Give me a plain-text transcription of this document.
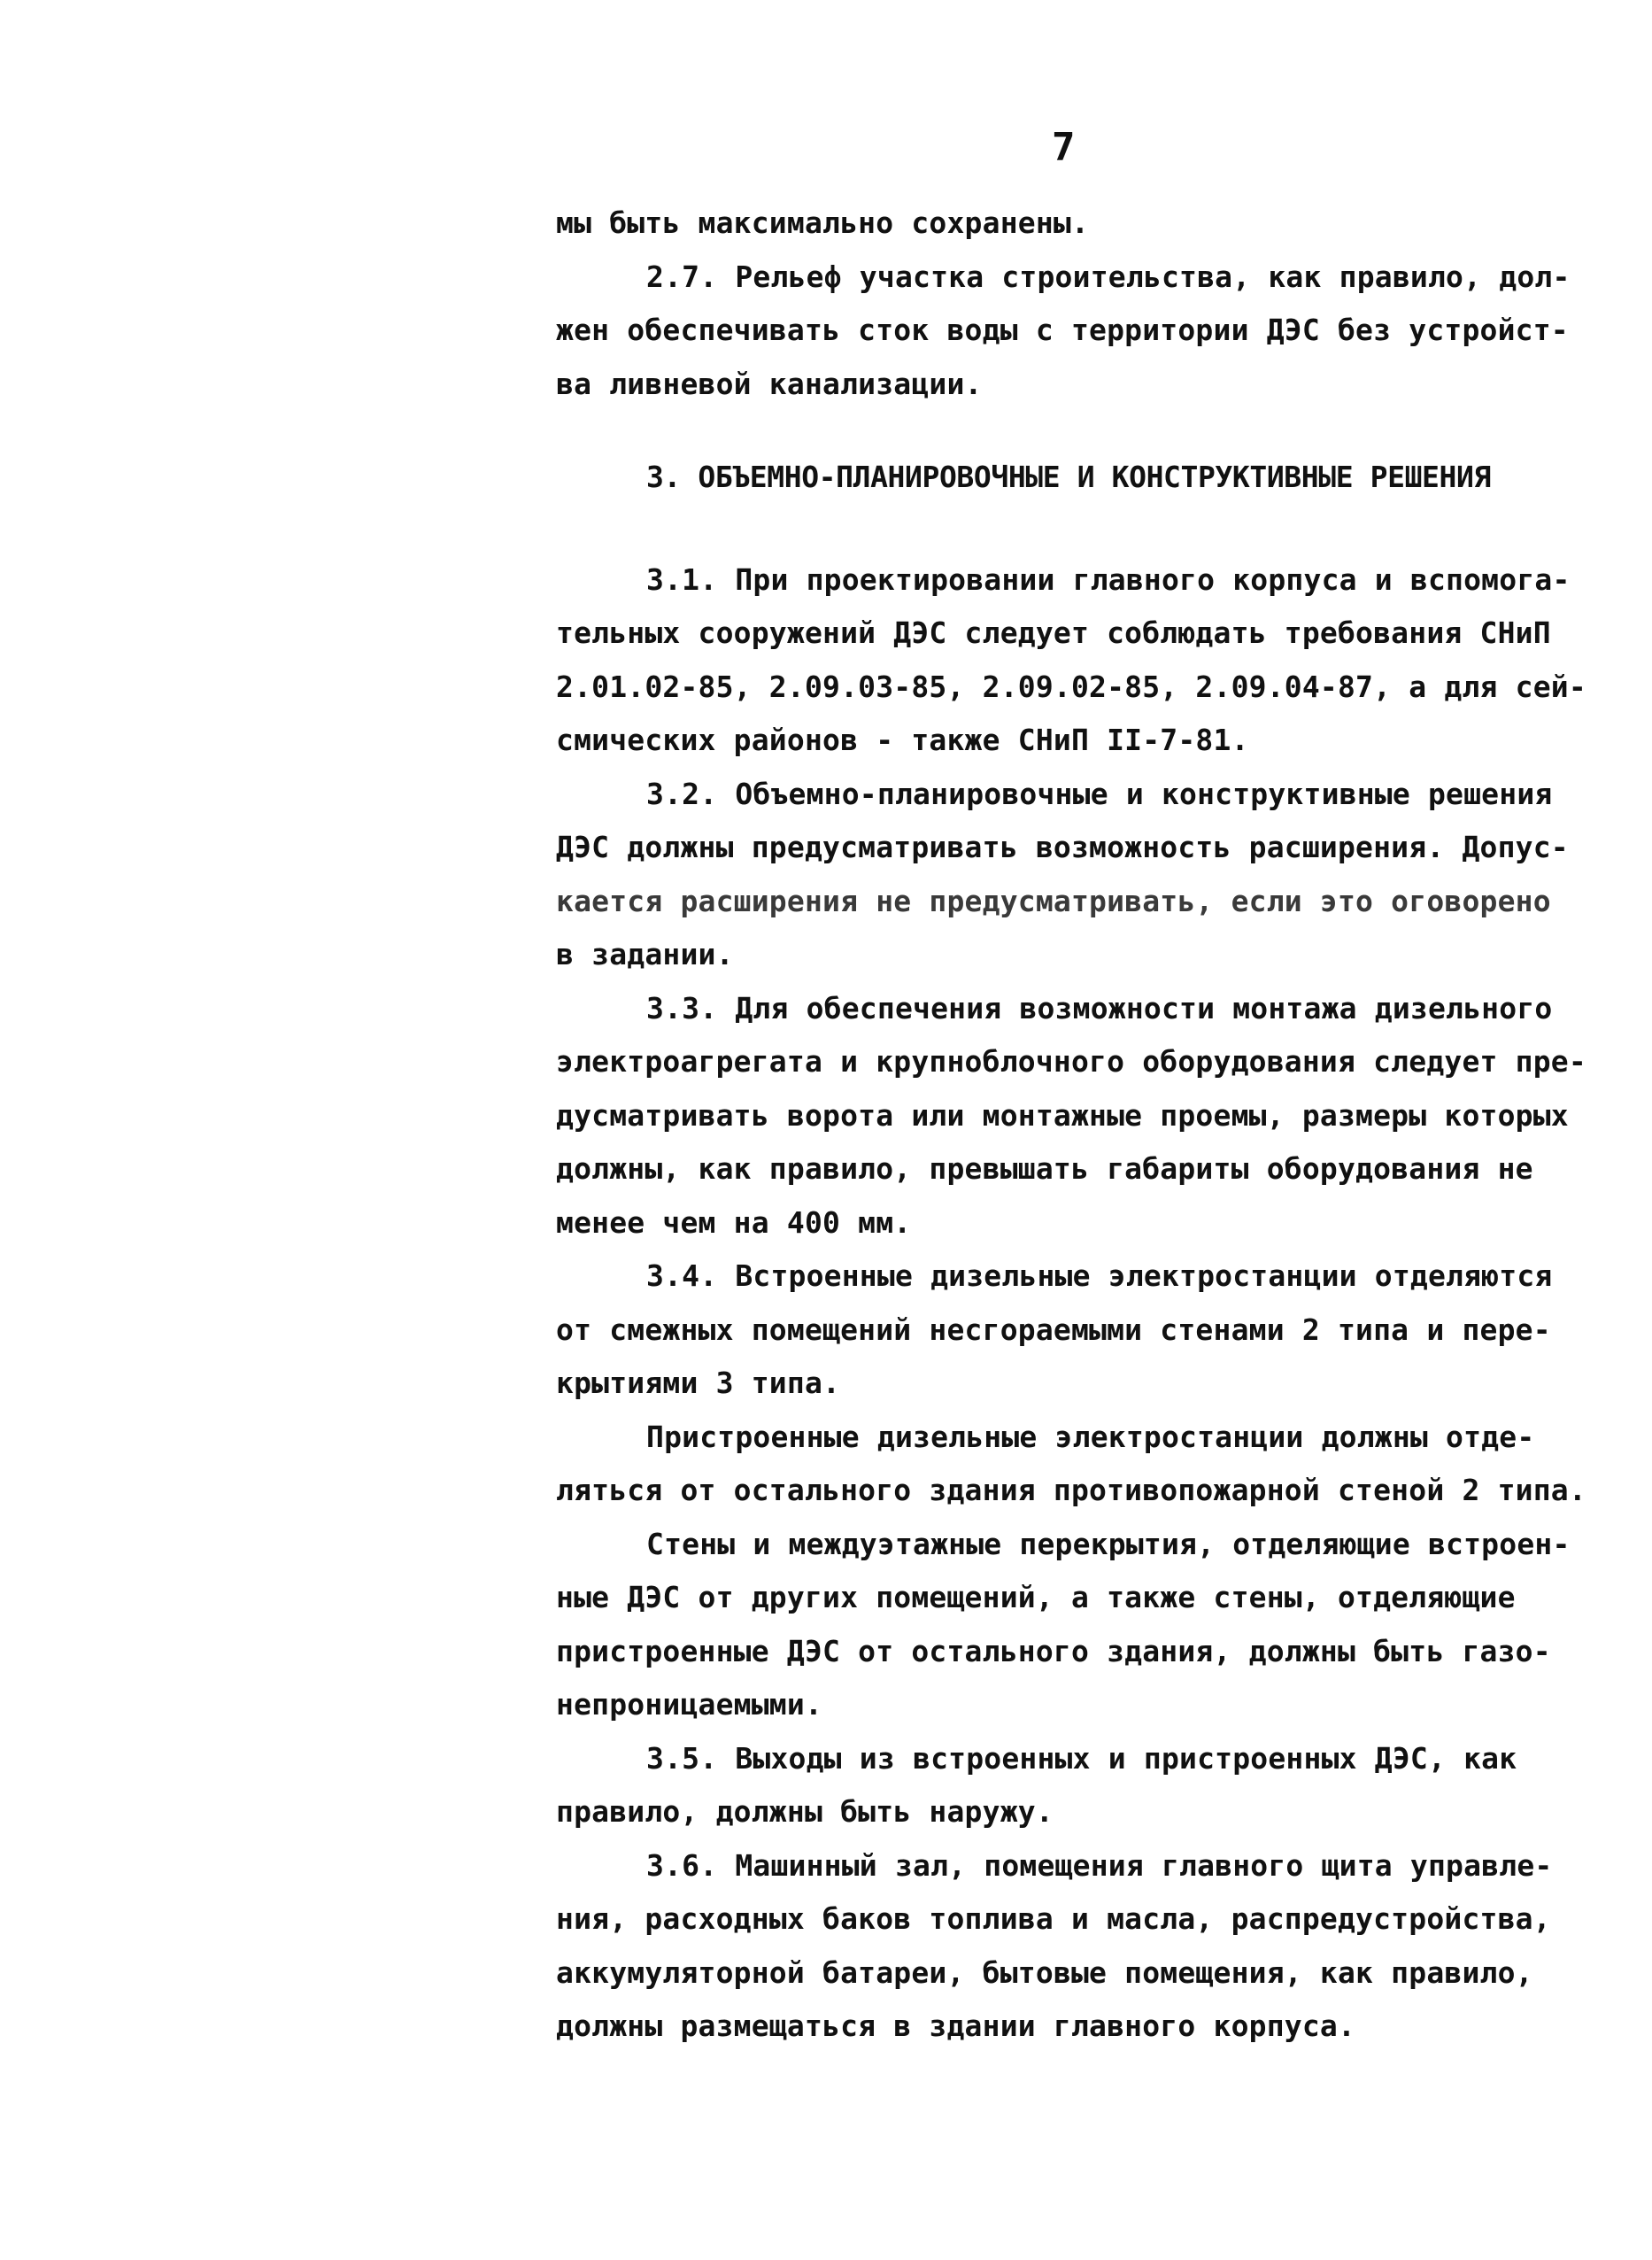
7
мы быть максимально сохранены.
2.7. Рельеф участка строительства, как правило, дол-
жен обеспечивать сток воды с территории ДЭС без устройст-
ва ливневой канализации.
3. ОБЪЕМНО-ПЛАНИРОВОЧНЫЕ И КОНСТРУКТИВНЫЕ РЕШЕНИЯ
3.1. При проектировании главного корпуса и вспомога-
тельных сооружений ДЭС следует соблюдать требования СНиП
2.01.02-85, 2.09.03-85, 2.09.02-85, 2.09.04-87, а для сей-
смических районов - также СНиП II-7-81.
3.2. Объемно-планировочные и конструктивные решения
ДЭС должны предусматривать возможность расширения. Допус-
кается расширения не предусматривать, если это оговорено
в задании.
3.3. Для обеспечения возможности монтажа дизельного
электроагрегата и крупноблочного оборудования следует пре-
дусматривать ворота или монтажные проемы, размеры которых
должны, как правило, превышать габариты оборудования не
менее чем на 400 мм.
3.4. Встроенные дизельные электростанции отделяются
от смежных помещений несгораемыми стенами 2 типа и пере-
крытиями 3 типа.
Пристроенные дизельные электростанции должны отде-
ляться от остального здания противопожарной стеной 2 типа.
Стены и междуэтажные перекрытия, отделяющие встроен-
ные ДЭС от других помещений, а также стены, отделяющие
пристроенные ДЭС от остального здания, должны быть газо-
непроницаемыми.
3.5. Выходы из встроенных и пристроенных ДЭС, как
правило, должны быть наружу.
3.6. Машинный зал, помещения главного щита управле-
ния, расходных баков топлива и масла, распредустройства,
аккумуляторной батареи, бытовые помещения, как правило,
должны размещаться в здании главного корпуса.
